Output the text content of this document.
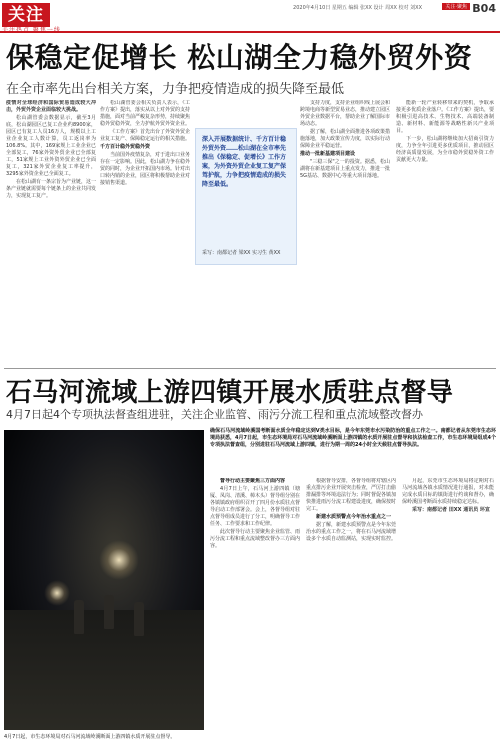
关注	2020年4月10日 星期五 编辑 张XX 设计 周XX 校对 刘XX	关注·聚焦 B04
保稳定促增长 松山湖全力稳外贸外资
在全市率先出台相关方案，力争把疫情造成的损失降至最低

疫情对全球经济和国际贸易造成较大冲击，外贸外资企业面临较大挑战。

松山湖管委会数据显示，截至3月底，松山湖园区已复工企业约8900家，园区已有复工人员16万人，规模以上工业企业复工人数计算，员工返岗率为106.8%。其中，169家规上工业企业已全部复工，76家外资外贸企业已全部复工，51家规上工业外资外贸企业已全面复工，321家外贸企业复工率提升，3295家外资企业已全面复工。

在松山湖有一条宗旨为产业链，这一条产业链就需要每个链条上的企业共同发力，实现复工复产。

松山湖管委会相关负责人表示，《工作方案》提出，落实从以上对外贸的支持措施，面对当前严峻复杂形势，持续聚焦稳外贸稳外资，全力护航外贸外资企业。

《工作方案》首先出台了外资外贸企业复工复产、保障稳定运行的相关措施。

千方百计稳外贸稳外资

当前国外疫情复杂，对于进出口业务存在一定影响。因此，松山湖力争在稳外贸的同时，为企业开拓国内市场。针对出口转内销的企业，园区将积极帮助企业对接销售渠道。

深入开展数据统计、千方百计稳外贸外资……松山湖在全市率先推出《保稳定、促增长》工作方案，为外资外贸企业复工复产保驾护航，力争把疫情造成的损失降至最低。
采写：南都记者 梁XX 实习生 黄XX

支持力度，支持企业组织线上展会和跨境电商等新型贸易业态，推动建立园区外贸企业数据平台，帮助企业了解国际市场动态。

据了解，松山湖全面推进各项政策措施落地，加大政策宣传力度，以实际行动保障企业平稳运营。

推动一批新基建项目建设

"三稳三保"之一的投资。据悉，松山湖将在新基建项目上重点发力，推进一批5G基站、数据中心等重大项目落地。

能新一轮产业转移带来的契机，争取承接更多优质企业落户。《工作方案》提出，要积极引进高技术、生物技术、高端装备制造、新材料、新能源等战略性新兴产业项目。

下一步，松山湖将继续加大招商引资力度，力争全年引进更多优质项目，推动园区经济高质量发展，为全市稳外贸稳外资工作贡献更大力量。

石马河流域上游四镇开展水质驻点督导
4月7日起4个专项执法督查组进驻，关注企业监管、雨污分流工程和重点流域整改督办
4月7日起，市生态环境局对石马河流域岭溪断面上游四镇水质开展驻点督导。
确保石马河流域岭溪国考断面水质全年稳定达到Ⅴ类水目标，是今年东莞市水污染防治的重点工作之一。南都记者从东莞市生态环境局获悉，4月7日起，市生态环境局对石马河流域岭溪断面上游四镇的水质开展驻点督导和执法检查工作，市生态环境局组成4个专项执法督查组，分别进驻石马河流域上游四镇，进行为期一周的24小时全天候驻点督导执法。

督导行动主要聚焦三方面内容

4月7日上午，石马河上游四镇（塘厦、凤岗、清溪、樟木头）督导组分别在各镇镇政府组织召开了四月份水质驻点督导启动工作部署会。会上，各督导组对驻点督导组成员进行了分工，明确督导工作任务、工作要求和工作纪律。

此次督导行动主要聚焦企业监管、雨污分流工程和重点流域整改督办三方面内容。

根据督导安排，各督导组将对辖区内重点排污企业开展突击检查，严厉打击偷排漏排等环境违法行为；同时督促各镇加快推进雨污分流工程建设进度，确保按时完工。

新建水质预警点今年治水重点之一

据了解，新建水质预警点是今年东莞治水的重点工作之一，将在石马河流域增设多个水质自动监测站，实现实时监控。

月起，东莞市生态环境局将定期对石马河流域各镇水质情况进行通报，对未能完成水质目标的镇街进行约谈和督办，确保岭溪国考断面水质持续稳定达标。

采写：南都记者 田XX 通讯员 环宣
